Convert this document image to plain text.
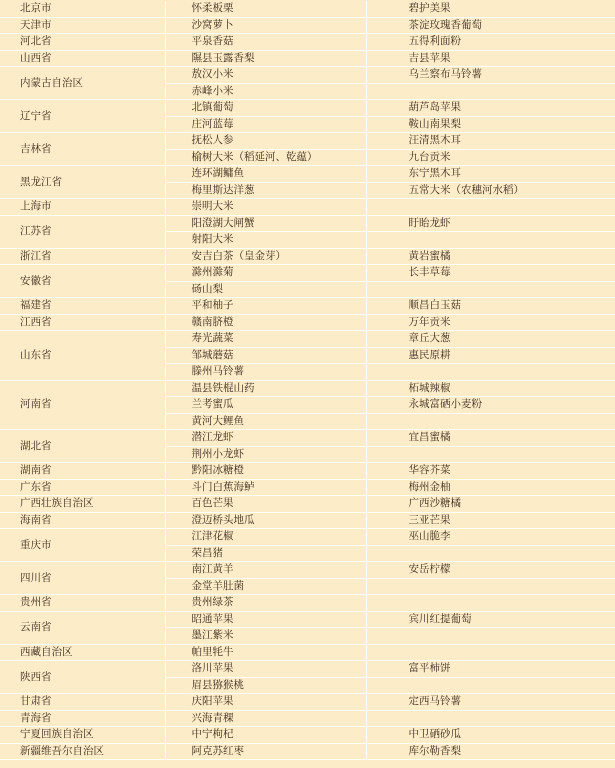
北京市	怀柔板栗	碧护美果
天津市	沙窝萝卜	茶淀玫瑰香葡萄
河北省	平泉香菇	五得利面粉
山西省	隰县玉露香梨	吉县苹果
内蒙古自治区	敖汉小米	乌兰察布马铃薯
	赤峰小米	
辽宁省	北镇葡萄	葫芦岛苹果
	庄河蓝莓	鞍山南果梨
吉林省	抚松人参	汪清黑木耳
	榆树大米（稻延河、乾蕴）	九台贡米
黑龙江省	连环湖鳙鱼	东宁黑木耳
	梅里斯达洋葱	五常大米（农穗河水稻）
上海市	崇明大米	
江苏省	阳澄湖大闸蟹	盱眙龙虾
	射阳大米	
浙江省	安吉白茶（皇金芽）	黄岩蜜橘
安徽省	滁州滁菊	长丰草莓
	砀山梨	
福建省	平和柚子	顺昌白玉菇
江西省	赣南脐橙	万年贡米
山东省	寿光蔬菜	章丘大葱
	邹城蘑菇	惠民原耕
	滕州马铃薯	
河南省	温县铁棍山药	柘城辣椒
	兰考蜜瓜	永城富硒小麦粉
	黄河大鲤鱼	
湖北省	潜江龙虾	宜昌蜜橘
	荆州小龙虾	
湖南省	黔阳冰糖橙	华容芥菜
广东省	斗门白蕉海鲈	梅州金柚
广西壮族自治区	百色芒果	广西沙糖橘
海南省	澄迈桥头地瓜	三亚芒果
重庆市	江津花椒	巫山脆李
	荣昌猪	
四川省	南江黄羊	安岳柠檬
	金堂羊肚菌	
贵州省	贵州绿茶	
云南省	昭通苹果	宾川红提葡萄
	墨江紫米	
西藏自治区	帕里牦牛	
陕西省	洛川苹果	富平柿饼
	眉县猕猴桃	
甘肃省	庆阳苹果	定西马铃薯
青海省	兴海青稞	
宁夏回族自治区	中宁枸杞	中卫硒砂瓜
新疆维吾尔自治区	阿克苏红枣	库尔勒香梨
